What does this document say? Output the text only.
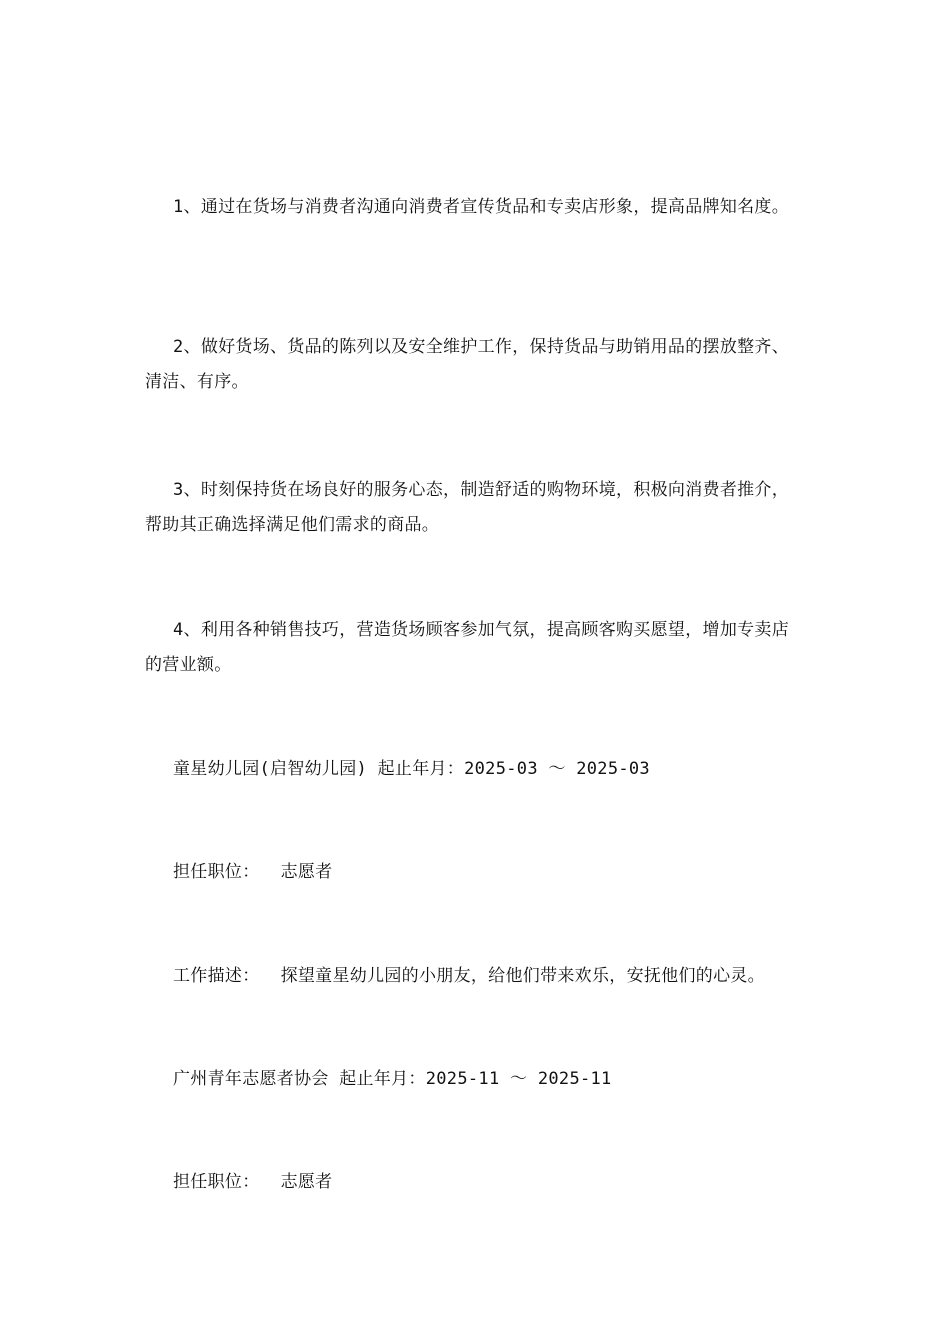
1、通过在货场与消费者沟通向消费者宣传货品和专卖店形象，提高品牌知名度。

2、做好货场、货品的陈列以及安全维护工作，保持货品与助销用品的摆放整齐、清洁、有序。

3、时刻保持货在场良好的服务心态，制造舒适的购物环境，积极向消费者推介，帮助其正确选择满足他们需求的商品。

4、利用各种销售技巧，营造货场顾客参加气氛，提高顾客购买愿望，增加专卖店的营业额。

童星幼儿园(启智幼儿园) 起止年月：2025-03 ～ 2025-03

担任职位：  志愿者

工作描述：  探望童星幼儿园的小朋友，给他们带来欢乐，安抚他们的心灵。

广州青年志愿者协会 起止年月：2025-11 ～ 2025-11

担任职位：  志愿者
